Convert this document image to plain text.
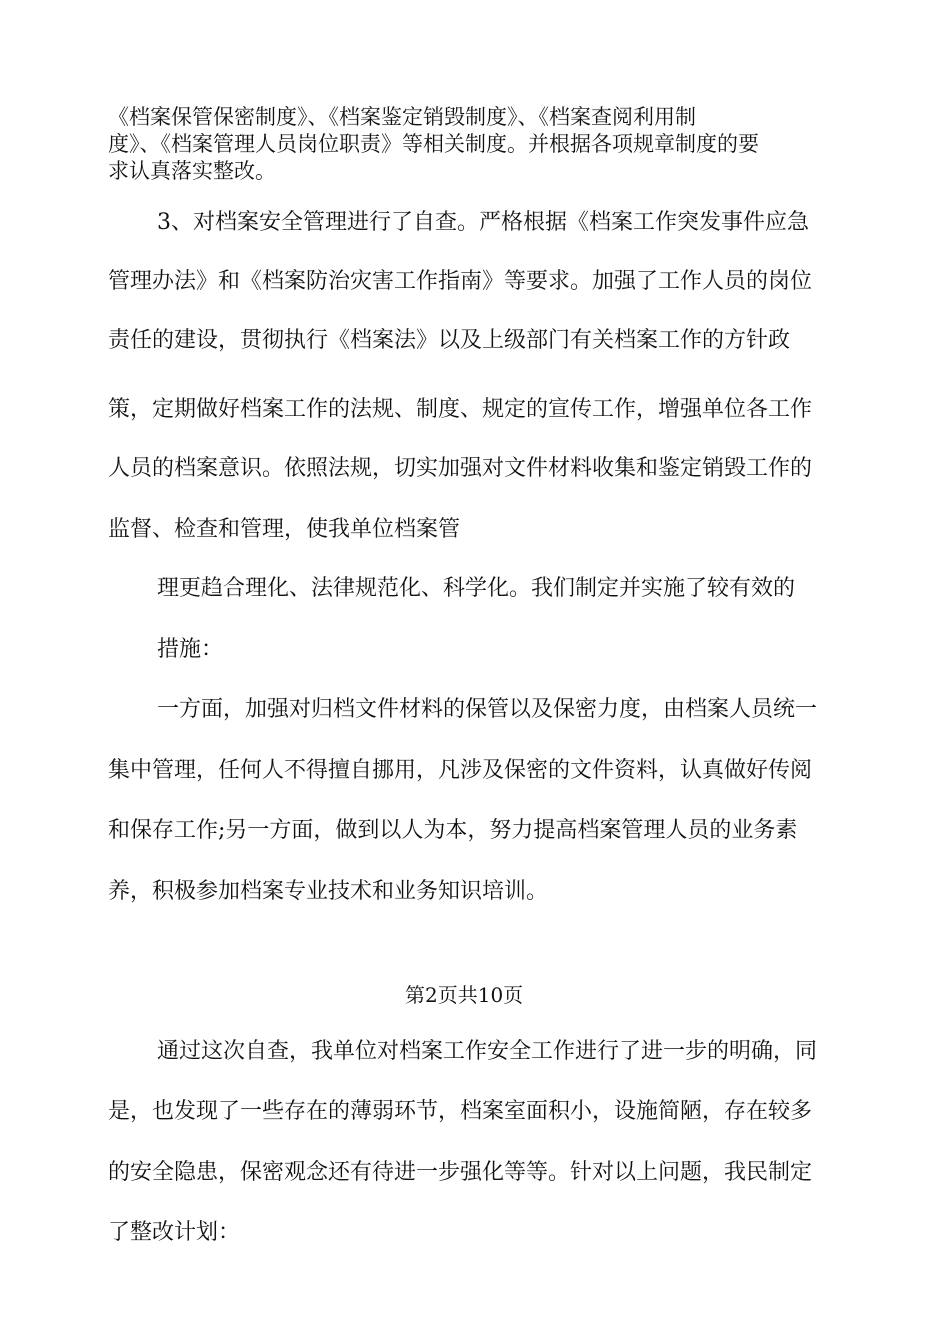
《档案保管保密制度》、《档案鉴定销毁制度》、《档案查阅利用制
度》、《档案管理人员岗位职责》等相关制度。并根据各项规章制度的要
求认真落实整改。
3、对档案安全管理进行了自查。严格根据《档案工作突发事件应急
管理办法》和《档案防治灾害工作指南》等要求。加强了工作人员的岗位
责任的建设，贯彻执行《档案法》以及上级部门有关档案工作的方针政
策，定期做好档案工作的法规、制度、规定的宣传工作，增强单位各工作
人员的档案意识。依照法规，切实加强对文件材料收集和鉴定销毁工作的
监督、检查和管理，使我单位档案管
理更趋合理化、法律规范化、科学化。我们制定并实施了较有效的
措施：
一方面，加强对归档文件材料的保管以及保密力度，由档案人员统一
集中管理，任何人不得擅自挪用，凡涉及保密的文件资料，认真做好传阅
和保存工作;另一方面，做到以人为本，努力提高档案管理人员的业务素
养，积极参加档案专业技术和业务知识培训。
第2页共10页
通过这次自查，我单位对档案工作安全工作进行了进一步的明确，同
是，也发现了一些存在的薄弱环节，档案室面积小，设施简陋，存在较多
的安全隐患，保密观念还有待进一步强化等等。针对以上问题，我民制定
了整改计划：
